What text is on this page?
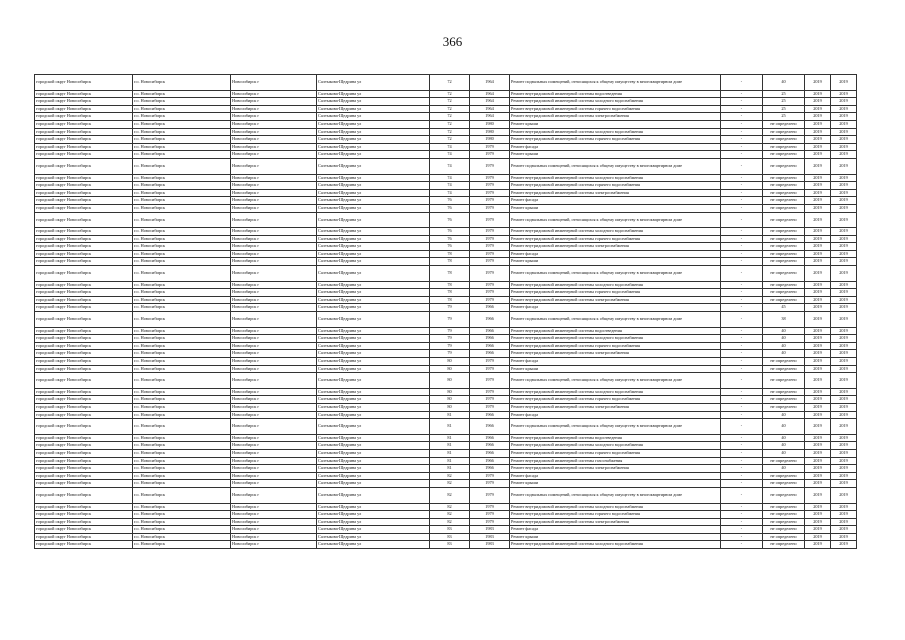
366
городской округ Новосибирск	г.о. Новосибирск	Новосибирск г	Салтыкова-Щедрина ул	72	1964	Ремонт подвальных помещений, относящихся к общему имуществу в многоквартирном доме	-	40	2019	2019
городской округ Новосибирск	г.о. Новосибирск	Новосибирск г	Салтыкова-Щедрина ул	72	1964	Ремонт внутридомовой инженерной системы водоотведения	-	25	2019	2019
городской округ Новосибирск	г.о. Новосибирск	Новосибирск г	Салтыкова-Щедрина ул	72	1964	Ремонт внутридомовой инженерной системы холодного водоснабжения	-	25	2019	2019
городской округ Новосибирск	г.о. Новосибирск	Новосибирск г	Салтыкова-Щедрина ул	72	1964	Ремонт внутридомовой инженерной системы горячего водоснабжения	-	25	2019	2019
городской округ Новосибирск	г.о. Новосибирск	Новосибирск г	Салтыкова-Щедрина ул	72	1964	Ремонт внутридомовой инженерной системы электроснабжения	-	25	2019	2019
городской округ Новосибирск	г.о. Новосибирск	Новосибирск г	Салтыкова-Щедрина ул	72	1980	Ремонт крыши	-	не определено	2019	2019
городской округ Новосибирск	г.о. Новосибирск	Новосибирск г	Салтыкова-Щедрина ул	72	1980	Ремонт внутридомовой инженерной системы холодного водоснабжения	-	не определено	2019	2019
городской округ Новосибирск	г.о. Новосибирск	Новосибирск г	Салтыкова-Щедрина ул	72	1980	Ремонт внутридомовой инженерной системы горячего водоснабжения	-	не определено	2019	2019
городской округ Новосибирск	г.о. Новосибирск	Новосибирск г	Салтыкова-Щедрина ул	74	1979	Ремонт фасада	-	не определено	2019	2019
городской округ Новосибирск	г.о. Новосибирск	Новосибирск г	Салтыкова-Щедрина ул	74	1979	Ремонт крыши	-	не определено	2019	2019
городской округ Новосибирск	г.о. Новосибирск	Новосибирск г	Салтыкова-Щедрина ул	74	1979	Ремонт подвальных помещений, относящихся к общему имуществу в многоквартирном доме	-	не определено	2019	2019
городской округ Новосибирск	г.о. Новосибирск	Новосибирск г	Салтыкова-Щедрина ул	74	1979	Ремонт внутридомовой инженерной системы холодного водоснабжения	-	не определено	2019	2019
городской округ Новосибирск	г.о. Новосибирск	Новосибирск г	Салтыкова-Щедрина ул	74	1979	Ремонт внутридомовой инженерной системы горячего водоснабжения	-	не определено	2019	2019
городской округ Новосибирск	г.о. Новосибирск	Новосибирск г	Салтыкова-Щедрина ул	74	1979	Ремонт внутридомовой инженерной системы электроснабжения	-	не определено	2019	2019
городской округ Новосибирск	г.о. Новосибирск	Новосибирск г	Салтыкова-Щедрина ул	76	1979	Ремонт фасада	-	не определено	2019	2019
городской округ Новосибирск	г.о. Новосибирск	Новосибирск г	Салтыкова-Щедрина ул	76	1979	Ремонт крыши	-	не определено	2019	2019
городской округ Новосибирск	г.о. Новосибирск	Новосибирск г	Салтыкова-Щедрина ул	76	1979	Ремонт подвальных помещений, относящихся к общему имуществу в многоквартирном доме	-	не определено	2019	2019
городской округ Новосибирск	г.о. Новосибирск	Новосибирск г	Салтыкова-Щедрина ул	76	1979	Ремонт внутридомовой инженерной системы холодного водоснабжения	-	не определено	2019	2019
городской округ Новосибирск	г.о. Новосибирск	Новосибирск г	Салтыкова-Щедрина ул	76	1979	Ремонт внутридомовой инженерной системы горячего водоснабжения	-	не определено	2019	2019
городской округ Новосибирск	г.о. Новосибирск	Новосибирск г	Салтыкова-Щедрина ул	76	1979	Ремонт внутридомовой инженерной системы электроснабжения	-	не определено	2019	2019
городской округ Новосибирск	г.о. Новосибирск	Новосибирск г	Салтыкова-Щедрина ул	78	1979	Ремонт фасада	-	не определено	2019	2019
городской округ Новосибирск	г.о. Новосибирск	Новосибирск г	Салтыкова-Щедрина ул	78	1979	Ремонт крыши	-	не определено	2019	2019
городской округ Новосибирск	г.о. Новосибирск	Новосибирск г	Салтыкова-Щедрина ул	78	1979	Ремонт подвальных помещений, относящихся к общему имуществу в многоквартирном доме	-	не определено	2019	2019
городской округ Новосибирск	г.о. Новосибирск	Новосибирск г	Салтыкова-Щедрина ул	78	1979	Ремонт внутридомовой инженерной системы холодного водоснабжения	-	не определено	2019	2019
городской округ Новосибирск	г.о. Новосибирск	Новосибирск г	Салтыкова-Щедрина ул	78	1979	Ремонт внутридомовой инженерной системы горячего водоснабжения	-	не определено	2019	2019
городской округ Новосибирск	г.о. Новосибирск	Новосибирск г	Салтыкова-Щедрина ул	78	1979	Ремонт внутридомовой инженерной системы электроснабжения	-	не определено	2019	2019
городской округ Новосибирск	г.о. Новосибирск	Новосибирск г	Салтыкова-Щедрина ул	79	1966	Ремонт фасада	-	45	2019	2019
городской округ Новосибирск	г.о. Новосибирск	Новосибирск г	Салтыкова-Щедрина ул	79	1966	Ремонт подвальных помещений, относящихся к общему имуществу в многоквартирном доме	-	38	2019	2019
городской округ Новосибирск	г.о. Новосибирск	Новосибирск г	Салтыкова-Щедрина ул	79	1966	Ремонт внутридомовой инженерной системы водоотведения	-	40	2019	2019
городской округ Новосибирск	г.о. Новосибирск	Новосибирск г	Салтыкова-Щедрина ул	79	1966	Ремонт внутридомовой инженерной системы холодного водоснабжения	-	40	2019	2019
городской округ Новосибирск	г.о. Новосибирск	Новосибирск г	Салтыкова-Щедрина ул	79	1966	Ремонт внутридомовой инженерной системы горячего водоснабжения	-	40	2019	2019
городской округ Новосибирск	г.о. Новосибирск	Новосибирск г	Салтыкова-Щедрина ул	79	1966	Ремонт внутридомовой инженерной системы электроснабжения	-	40	2019	2019
городской округ Новосибирск	г.о. Новосибирск	Новосибирск г	Салтыкова-Щедрина ул	80	1979	Ремонт фасада	-	не определено	2019	2019
городской округ Новосибирск	г.о. Новосибирск	Новосибирск г	Салтыкова-Щедрина ул	80	1979	Ремонт крыши	-	не определено	2019	2019
городской округ Новосибирск	г.о. Новосибирск	Новосибирск г	Салтыкова-Щедрина ул	80	1979	Ремонт подвальных помещений, относящихся к общему имуществу в многоквартирном доме	-	не определено	2019	2019
городской округ Новосибирск	г.о. Новосибирск	Новосибирск г	Салтыкова-Щедрина ул	80	1979	Ремонт внутридомовой инженерной системы холодного водоснабжения	-	не определено	2019	2019
городской округ Новосибирск	г.о. Новосибирск	Новосибирск г	Салтыкова-Щедрина ул	80	1979	Ремонт внутридомовой инженерной системы горячего водоснабжения	-	не определено	2019	2019
городской округ Новосибирск	г.о. Новосибирск	Новосибирск г	Салтыкова-Щедрина ул	80	1979	Ремонт внутридомовой инженерной системы электроснабжения	-	не определено	2019	2019
городской округ Новосибирск	г.о. Новосибирск	Новосибирск г	Салтыкова-Щедрина ул	81	1966	Ремонт фасада	-	40	2019	2019
городской округ Новосибирск	г.о. Новосибирск	Новосибирск г	Салтыкова-Щедрина ул	81	1966	Ремонт подвальных помещений, относящихся к общему имуществу в многоквартирном доме	-	40	2019	2019
городской округ Новосибирск	г.о. Новосибирск	Новосибирск г	Салтыкова-Щедрина ул	81	1966	Ремонт внутридомовой инженерной системы водоотведения	-	40	2019	2019
городской округ Новосибирск	г.о. Новосибирск	Новосибирск г	Салтыкова-Щедрина ул	81	1966	Ремонт внутридомовой инженерной системы холодного водоснабжения	-	40	2019	2019
городской округ Новосибирск	г.о. Новосибирск	Новосибирск г	Салтыкова-Щедрина ул	81	1966	Ремонт внутридомовой инженерной системы горячего водоснабжения	-	40	2019	2019
городской округ Новосибирск	г.о. Новосибирск	Новосибирск г	Салтыкова-Щедрина ул	81	1966	Ремонт внутридомовой инженерной системы газоснабжения	-	не определено	2019	2019
городской округ Новосибирск	г.о. Новосибирск	Новосибирск г	Салтыкова-Щедрина ул	81	1966	Ремонт внутридомовой инженерной системы электроснабжения	-	40	2019	2019
городской округ Новосибирск	г.о. Новосибирск	Новосибирск г	Салтыкова-Щедрина ул	82	1979	Ремонт фасада	-	не определено	2019	2019
городской округ Новосибирск	г.о. Новосибирск	Новосибирск г	Салтыкова-Щедрина ул	82	1979	Ремонт крыши	-	не определено	2019	2019
городской округ Новосибирск	г.о. Новосибирск	Новосибирск г	Салтыкова-Щедрина ул	82	1979	Ремонт подвальных помещений, относящихся к общему имуществу в многоквартирном доме	-	не определено	2019	2019
городской округ Новосибирск	г.о. Новосибирск	Новосибирск г	Салтыкова-Щедрина ул	82	1979	Ремонт внутридомовой инженерной системы холодного водоснабжения	-	не определено	2019	2019
городской округ Новосибирск	г.о. Новосибирск	Новосибирск г	Салтыкова-Щедрина ул	82	1979	Ремонт внутридомовой инженерной системы горячего водоснабжения	-	не определено	2019	2019
городской округ Новосибирск	г.о. Новосибирск	Новосибирск г	Салтыкова-Щедрина ул	82	1979	Ремонт внутридомовой инженерной системы электроснабжения	-	не определено	2019	2019
городской округ Новосибирск	г.о. Новосибирск	Новосибирск г	Салтыкова-Щедрина ул	83	1983	Ремонт фасада	-	не определено	2019	2019
городской округ Новосибирск	г.о. Новосибирск	Новосибирск г	Салтыкова-Щедрина ул	83	1983	Ремонт крыши	-	не определено	2019	2019
городской округ Новосибирск	г.о. Новосибирск	Новосибирск г	Салтыкова-Щедрина ул	83	1983	Ремонт внутридомовой инженерной системы холодного водоснабжения	-	не определено	2019	2019
